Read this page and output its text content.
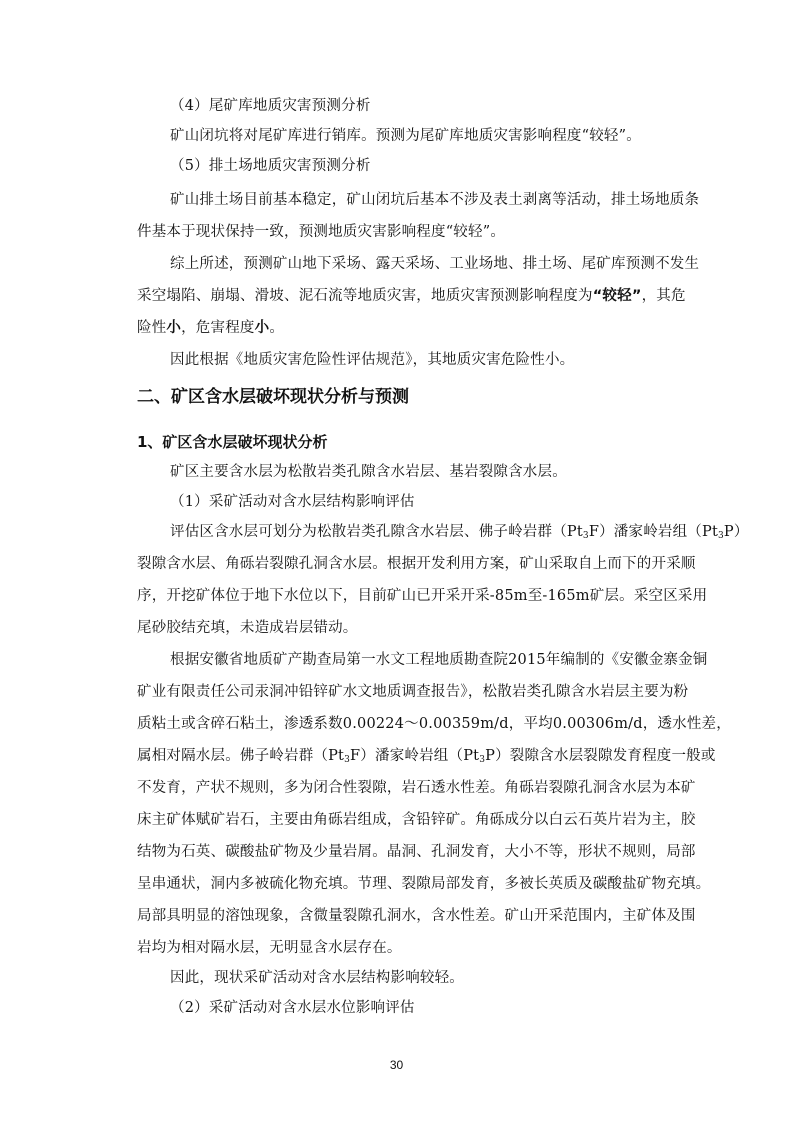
（4）尾矿库地质灾害预测分析
矿山闭坑将对尾矿库进行销库。预测为尾矿库地质灾害影响程度“较轻”。
（5）排土场地质灾害预测分析
矿山排土场目前基本稳定，矿山闭坑后基本不涉及表土剥离等活动，排土场地质条
件基本于现状保持一致，预测地质灾害影响程度“较轻”。
综上所述，预测矿山地下采场、露天采场、工业场地、排土场、尾矿库预测不发生
采空塌陷、崩塌、滑坡、泥石流等地质灾害，地质灾害预测影响程度为“较轻”，其危
险性小，危害程度小。
因此根据《地质灾害危险性评估规范》，其地质灾害危险性小。
二、矿区含水层破坏现状分析与预测
1、矿区含水层破坏现状分析
矿区主要含水层为松散岩类孔隙含水岩层、基岩裂隙含水层。
（1）采矿活动对含水层结构影响评估
评估区含水层可划分为松散岩类孔隙含水岩层、佛子岭岩群$(Pt_3F)$潘家岭岩组$(Pt_3P)$
裂隙含水层、角砾岩裂隙孔洞含水层。根据开发利用方案，矿山采取自上而下的开采顺
序，开挖矿体位于地下水位以下，目前矿山已开采开采-85m至-165m矿层。采空区采用
尾砂胶结充填，未造成岩层错动。
根据安徽省地质矿产勘查局第一水文工程地质勘查院2015年编制的《安徽金寨金铜
矿业有限责任公司汞洞冲铅锌矿水文地质调查报告》，松散岩类孔隙含水岩层主要为粉
质粘土或含碎石粘土，渗透系数0.00224～0.00359m/d，平均0.00306m/d，透水性差，
属相对隔水层。佛子岭岩群$(Pt_3F)$潘家岭岩组$(Pt_3P)$裂隙含水层裂隙发育程度一般或
不发育，产状不规则，多为闭合性裂隙，岩石透水性差。角砾岩裂隙孔洞含水层为本矿
床主矿体赋矿岩石，主要由角砾岩组成，含铅锌矿。角砾成分以白云石英片岩为主，胶
结物为石英、碳酸盐矿物及少量岩屑。晶洞、孔洞发育，大小不等，形状不规则，局部
呈串通状，洞内多被硫化物充填。节理、裂隙局部发育，多被长英质及碳酸盐矿物充填。
局部具明显的溶蚀现象，含微量裂隙孔洞水，含水性差。矿山开采范围内，主矿体及围
岩均为相对隔水层，无明显含水层存在。
因此，现状采矿活动对含水层结构影响较轻。
（2）采矿活动对含水层水位影响评估
30
